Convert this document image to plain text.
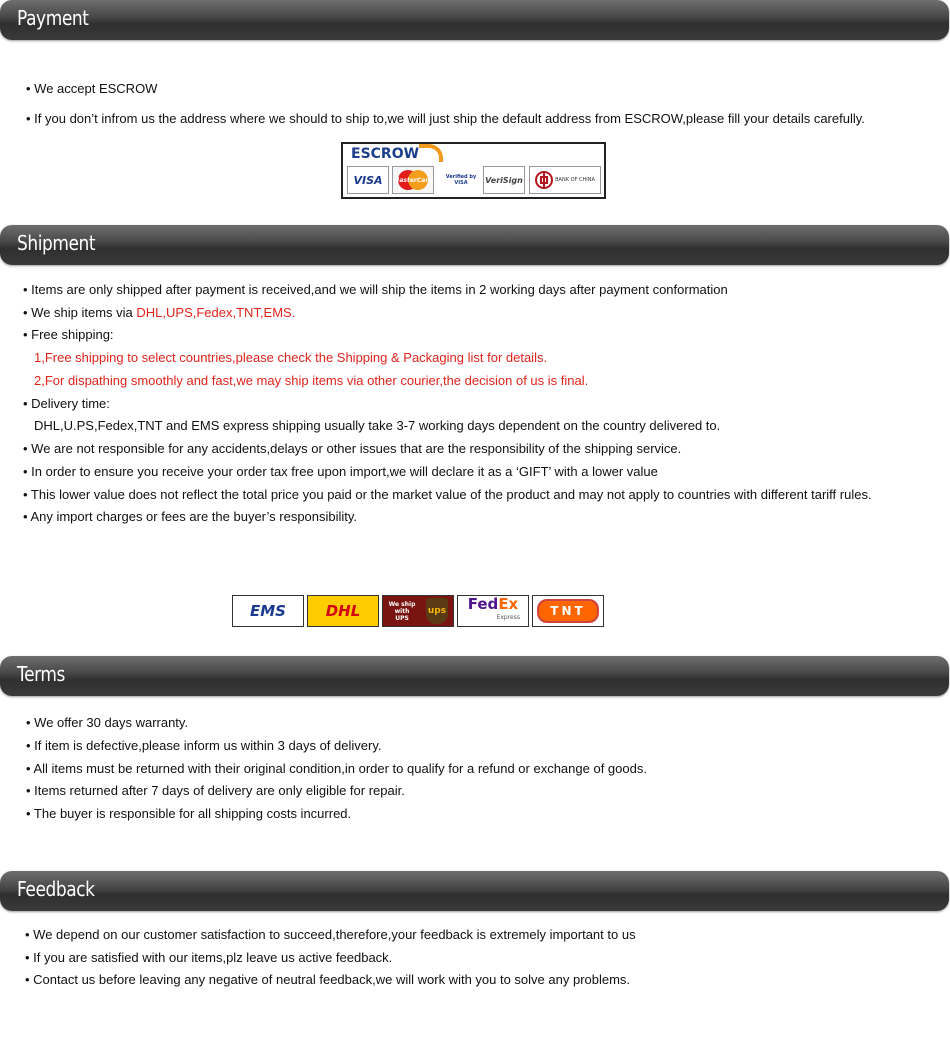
Payment
• We accept ESCROW
• If you don’t infrom us the address where we should to ship to,we will just ship the default address from ESCROW,please fill your details carefully.
ESCROW
VISA MasterCard	Verified by VISA	VeriSign	BANK OF CHINA
Shipment
• Items are only shipped after payment is received,and we will ship the items in 2 working days after payment conformation
• We ship items via DHL,UPS,Fedex,TNT,EMS.
• Free shipping:
1,Free shipping to select countries,please check the Shipping & Packaging list for details.
2,For dispathing smoothly and fast,we may ship items via other courier,the decision of us is final.
• Delivery time:
DHL,U.PS,Fedex,TNT and EMS express shipping usually take 3-7 working days dependent on the country delivered to.
• We are not responsible for any accidents,delays or other issues that are the responsibility of the shipping service.
• In order to ensure you receive your order tax free upon import,we will declare it as a ‘GIFT’ with a lower value
• This lower value does not reflect the total price you paid or the market value of the product and may not apply to countries with different tariff rules.
• Any import charges or fees are the buyer’s responsibility.
EMS	DHL	We ship with UPS
ups FedEx
Express	TNT
Terms
• We offer 30 days warranty.
• If item is defective,please inform us within 3 days of delivery.
• All items must be returned with their original condition,in order to qualify for a refund or exchange of goods.
• Items returned after 7 days of delivery are only eligible for repair.
• The buyer is responsible for all shipping costs incurred.
Feedback
• We depend on our customer satisfaction to succeed,therefore,your feedback is extremely important to us
• If you are satisfied with our items,plz leave us active feedback.
• Contact us before leaving any negative of neutral feedback,we will work with you to solve any problems.
